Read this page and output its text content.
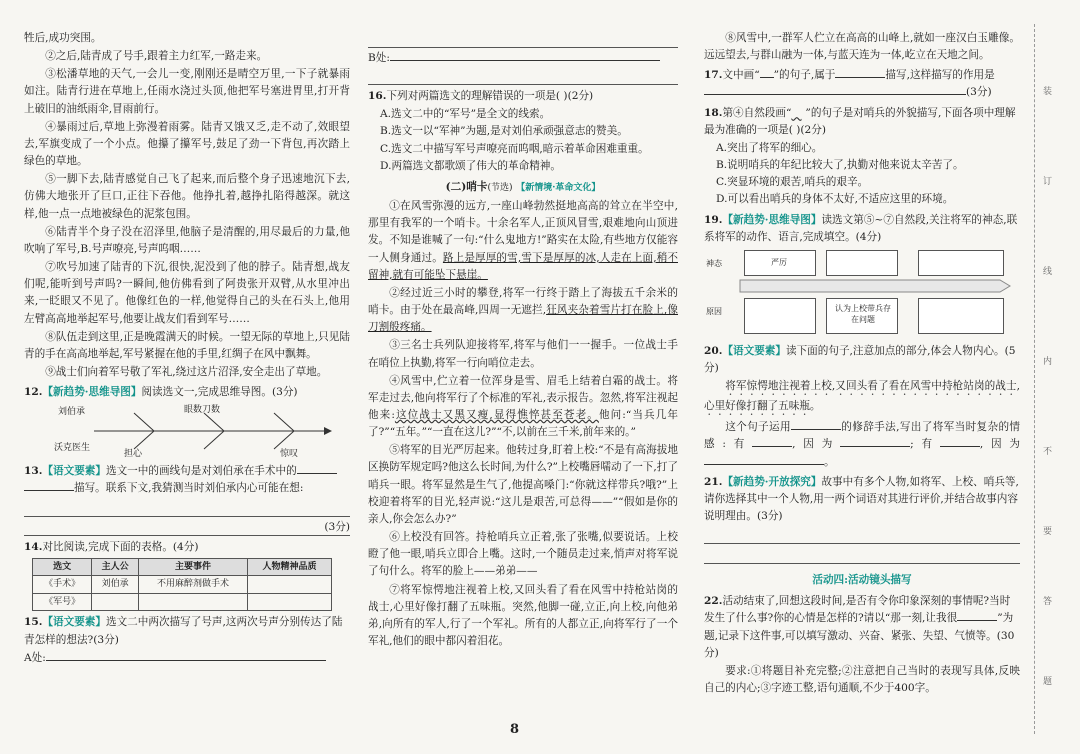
牲后,成功突围。

②之后,陆青成了号手,跟着主力红军,一路走来。

③松潘草地的天气,一会儿一变,刚刚还是晴空万里,一下子就暴雨如注。陆青行进在草地上,任雨水浇过头顶,他把军号塞进胃里,打开背上破旧的油纸雨伞,冒雨前行。

④暴雨过后,草地上弥漫着雨雾。陆青又饿又乏,走不动了,效眼望去,军旗变成了一个小点。他攥了攥军号,鼓足了劲一下背包,再次踏上绿色的草地。

⑤一脚下去,陆青感觉自己飞了起来,而后整个身子迅速地沉下去,仿佛大地张开了巨口,正往下吞他。他挣扎着,越挣扎陷得越深。就这样,他一点一点地被绿色的泥浆包围。

⑥陆青半个身子没在沼泽里,他脑子是清醒的,用尽最后的力量,他吹响了军号,B.号声嘹亮,号声呜咽……

⑦吹号加速了陆青的下沉,很快,泥没到了他的脖子。陆青想,战友们呢,能听到号声吗?一瞬间,他仿佛看到了阿贵张开双臂,从水里冲出来,一眨眼又不见了。他像红色的一样,他觉得自己的头在石头上,他用左臂高高地举起军号,他要让战友们看到军号……

⑧队伍走到这里,正是晚霞满天的时候。一望无际的草地上,只见陆青的手在高高地举起,军号紧握在他的手里,红绸子在风中飘舞。

⑨战士们向着军号敬了军礼,绕过这片沼泽,安全走出了草地。

12.【新趋势·思维导图】阅读选文一,完成思维导图。(3分)
刘伯承
沃克医生
眼数刀数
担心	惊叹
13.【语文要素】选文一中的画线句是对刘伯承在手术中的
描写。联系下文,我猜测当时刘伯承内心可能在想:
(3分)
14.对比阅读,完成下面的表格。(4分)
选文	主人公	主要事件	人物精神品质
《手术》	刘伯承	不用麻醉剂做手术	
《军号》			
15.【语文要素】选文二中两次描写了号声,这两次号声分别传达了陆青怎样的想法?(3分)
A处:
B处:
16.下列对两篇选文的理解错误的一项是( )(2分)
A.选文二中的“军号”是全文的线索。
B.选文一以“军神”为题,是对刘伯承顽强意志的赞美。
C.选文二中描写军号声嘹亮而呜咽,暗示着革命困难重重。
D.两篇选文都歌颂了伟大的革命精神。
(二)哨卡(节选) 【新情境·革命文化】

①在风雪弥漫的远方,一座山峰勃然挺地高高的耸立在半空中,那里有我军的一个哨卡。十余名军人,正顶风冒雪,艰难地向山顶进发。不知是谁喊了一句:“什么鬼地方!”路实在太险,有些地方仅能容一人侧身通过。路上是厚厚的雪,雪下是厚厚的冰,人走在上面,稍不留神,就有可能坠下悬崖。

②经过近三小时的攀登,将军一行终于踏上了海拔五千余米的哨卡。由于处在最高峰,四周一无遮拦,狂风夹杂着雪片打在脸上,像刀割般疼痛。

③三名士兵列队迎接将军,将军与他们一一握手。一位战士手在哨位上执勤,将军一行向哨位走去。

④风雪中,伫立着一位浑身是雪、眉毛上结着白霜的战士。将军走过去,他向将军行了个标准的军礼,表示报告。忽然,将军注视起他来:这位战士又黑又瘦,显得憔悴甚至苍老。他问:“当兵几年了?”“五年。”“一直在这儿?”“不,以前在三千米,前年来的。”

⑤将军的目光严厉起来。他转过身,盯着上校:“不是有高海拔地区换防军规定吗?他这么长时间,为什么?”上校嘴唇嚅动了一下,打了哨兵一眼。将军显然是生气了,他提高嗓门:“你就这样带兵?哦?”上校迎着将军的目光,轻声说:“这儿是艰苦,可总得——”“假如是你的亲人,你会怎么办?”

⑥上校没有回答。持枪哨兵立正着,张了张嘴,似要说话。上校瞪了他一眼,哨兵立即合上嘴。这时,一个随员走过来,悄声对将军说了句什么。将军的脸上——弟弟——

⑦将军惊愕地注视着上校,又回头看了看在风雪中持枪站岗的战士,心里好像打翻了五味瓶。突然,他脚一碰,立正,向上校,向他弟弟,向所有的军人,行了一个军礼。所有的人都立正,向将军行了一个军礼,他们的眼中都闪着泪花。

⑧风雪中,一群军人伫立在高高的山峰上,就如一座汉白玉雕像。远远望去,与群山融为一体,与蓝天连为一体,屹立在天地之间。

17.文中画“ ”的句子,属于	描写,这样描写的作用是
(3分)
18.第④自然段画“ ”的句子是对哨兵的外貌描写,下面各项中理解最为准确的一项是( )(2分)
A.突出了将军的细心。
B.说明哨兵的年纪比较大了,执勤对他来说太辛苦了。
C.突显环境的艰苦,哨兵的艰辛。
D.可以看出哨兵的身体不太好,不适应这里的环境。
19.【新趋势·思维导图】读选文第⑤~⑦自然段,关注将军的神态,联系将军的动作、语言,完成填空。(4分)
神态
原因
严厉
认为上校带兵存在问题
20.【语文要素】读下面的句子,注意加点的部分,体会人物内心。(5分)

将军惊愕地注视着上校,又回头看了看在风雪中持枪站岗的战士,心里好像打翻了五味瓶。

这个句子运用	的修辞手法,写出了将军当时复杂的情感:有	,因为	;有	,因为。

21.【新趋势·开放探究】故事中有多个人物,如将军、上校、哨兵等,请你选择其中一个人物,用一两个词语对其进行评价,并结合故事内容说明理由。(3分)
活动四:活动镜头描写
22.活动结束了,回想这段时间,是否有令你印象深刻的事情呢?当时发生了什么事?你的心情是怎样的?请以“那一刻,让我很	”为题,记录下这件事,可以填写激动、兴奋、紧张、失望、气愤等。(30分)

要求:①将题目补充完整;②注意把自己当时的表现写具体,反映自己的内心;③字迹工整,语句通顺,不少于400字。

8
装
订
线
内
不
要
答
题
